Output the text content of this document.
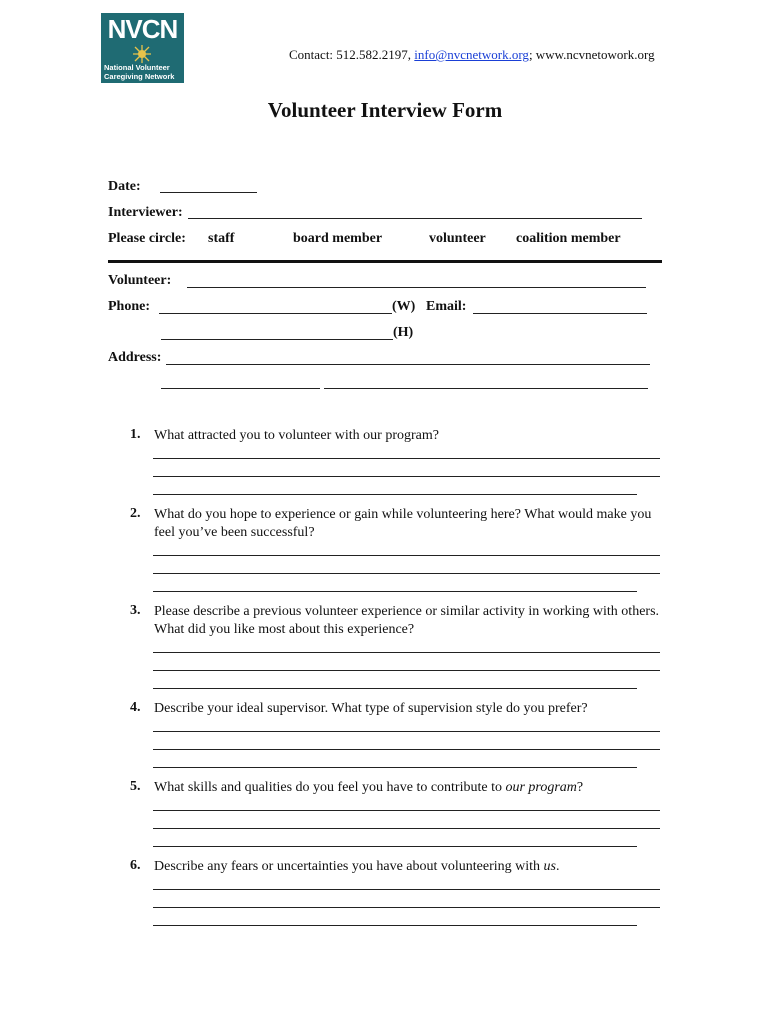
NVCN
National Volunteer
Caregiving Network
Contact: 512.582.2197, info@nvcnetwork.org; www.ncvnetowork.org
Volunteer Interview Form
Date:
Interviewer:
Please circle: staff	board member	volunteer coalition member
Volunteer:
Phone:	(W) Email:
(H)
Address:
1. What attracted you to volunteer with our program?
2. What do you hope to experience or gain while volunteering here? What would make you feel you’ve been successful?
3. Please describe a previous volunteer experience or similar activity in working with others. What did you like most about this experience?
4. Describe your ideal supervisor. What type of supervision style do you prefer?
5. What skills and qualities do you feel you have to contribute to our program?
6. Describe any fears or uncertainties you have about volunteering with us.
